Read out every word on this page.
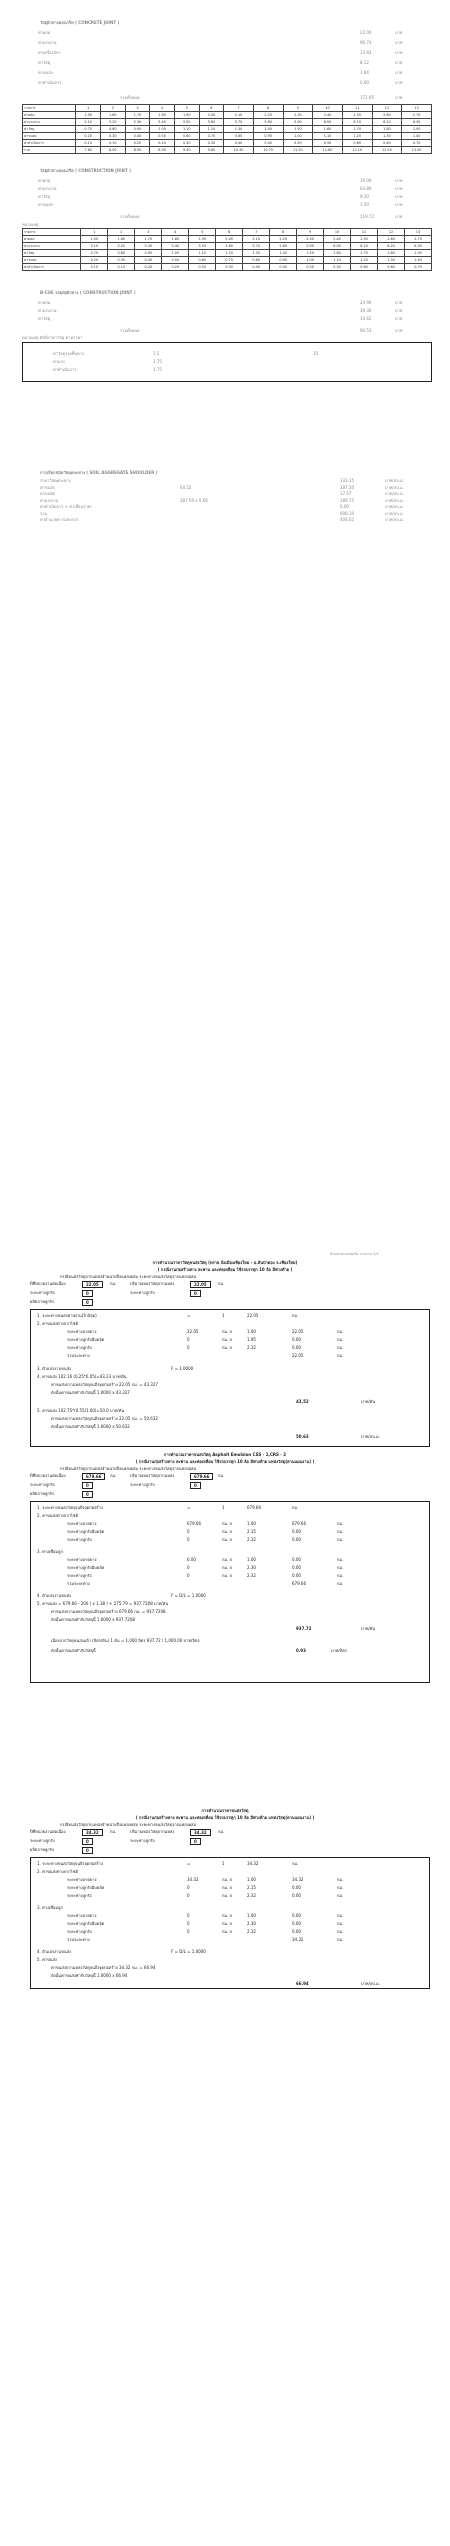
วัสดุผิวทางคอนกรีต ( CONCRETE JOINT )
ค่าผสม	22.00	บาท
ค่าแรงงาน	96.74	บาท
ค่าเครื่องจักร	13.83	บาท
ค่าวัสดุ	8.12	บาท
ค่าขนส่ง	1.84	บาท
ค่าดำเนินการ	0.00	บาท
รวมทั้งหมด	172.95	บาท
รายการ	1	2	3	4	5	6	7	8	9	10	11	12	13
ค่าผสม	1.50	1.60	1.70	1.80	1.90	2.00	2.10	2.20	2.30	2.40	2.50	2.60	2.70
ค่าแรงงาน	5.10	5.20	5.30	5.40	5.50	5.60	5.70	5.80	5.90	6.00	6.10	6.20	6.30
ค่าวัสดุ	0.70	0.80	0.90	1.00	1.10	1.20	1.30	1.40	1.50	1.60	1.70	1.80	1.90
ค่าขนส่ง	0.20	0.30	0.40	0.50	0.60	0.70	0.80	0.90	1.00	1.10	1.20	1.30	1.40
ค่าดำเนินการ	0.10	0.10	0.20	0.20	0.30	0.30	0.40	0.40	0.50	0.50	0.60	0.60	0.70
รวม	7.60	8.00	8.50	8.90	9.40	9.80	10.30	10.70	11.20	11.60	12.10	12.50	13.00
วัสดุผิวทางคอนกรีต ( CONSTRUCTION JOINT )
ค่าผสม	19.00	บาท
ค่าแรงงาน	64.80	บาท
ค่าวัสดุ	9.20	บาท
ค่าขนส่ง	1.50	บาท
รวมทั้งหมด	119.72	บาท
หมายเหตุ
รายการ	1	2	3	4	5	6	7	8	9	10	11	12	13
ค่าผสม	1.50	1.60	1.70	1.80	1.90	2.00	2.10	2.20	2.30	2.40	2.50	2.60	2.70
ค่าแรงงาน	5.10	5.20	5.30	5.40	5.50	5.60	5.70	5.80	5.90	6.00	6.10	6.20	6.30
ค่าวัสดุ	0.70	0.80	0.90	1.00	1.10	1.20	1.30	1.40	1.50	1.60	1.70	1.80	1.90
ค่าขนส่ง	0.20	0.30	0.40	0.50	0.60	0.70	0.80	0.90	1.00	1.10	1.20	1.30	1.40
ค่าดำเนินการ	0.10	0.10	0.20	0.20	0.30	0.30	0.40	0.40	0.50	0.50	0.60	0.60	0.70
B-COE รอยต่อผิวทาง ( CONSTRUCTION JOINT )
ค่าผสม	24.90	บาท
ค่าแรงงาน	39.30	บาท
ค่าวัสดุ	10.62	บาท
รวมทั้งหมด	90.53	บาท
หมายเหตุ ดัชนีราคาวัสดุ ตามราคา
ค่าวัสดุรองพื้นทาง	1.5	35
ค่าแรง	1.75
ค่าดำเนินการ	1.75
การเลือกชนิดวัสดุคละทาง ( SOIL AGGREGATE SHOULDER )
ราคาวัสดุคละทาง	133.15	บาท/ลบ.ม.
ค่าขนส่ง	64.52	287.50	บาท/ลบ.ม.
ค่าบดอัด	17.57	บาท/ลบ.ม.
ค่าแรงงาน	287.50 x 0.66	189.75	บาท/ลบ.ม.
ค่าดำเนินการ + ค่าเสื่อมราคา	0.00	บาท/ลบ.ม.
รวม	608.10	บาท/ลบ.ม.
ค่าอำนวยความสะดวก	408.02	บาท/ลบ.ม.
ตัวอย่างแบบฟอร์ม รวมงาน 2/2
การคำนวณราคาวัสดุขนส่งวัสดุ (ทราย นั่งเมืองเชียงใหม่ - อ.สันป่าตอง จ.เชียงใหม่)
( กรณีงานก่อสร้างทาง สะพาน และท่อเหลี่ยม ใช้รถบรรทุก 10 ล้อ มีพ่วงท้าย )
กรณีขนส่งวัสดุจากแหล่งจำหน่ายถึงแหล่งผสม ระยะทางขนส่งวัสดุจากแหล่งผสม
ปีที่หน่วยงานต่อเนื่อง	22.05	กม.	ปริมาณของวัสดุจากแหล่ง	22.05	กม.
ระยะทางลูกรัง	0	ระยะทางลูกรัง	0
ผลิตภาพลูกรัง	0
1. ระยะทางขนส่งทางผ่าน(ใกล้สุด)	=	1	22.05	กม.
2. ค่าขนส่งทางจากไซต์
ระยะทางลาดยาง	22.05	กม. x	1.00	22.05	กม.
ระยะทางลูกรังมีบดอัด	0	กม. x	1.95	0.00	กม.
ระยะทางลูกรัง	0	กม. x	2.32	0.00	กม.
รวมระยะทาง	22.05	กม.
3. ตัวแปรงานขนส่ง	F = 1.0000
4. ค่าขนส่ง 102.16 (0.25*0.05)=43.23 บาท/ตัน
ค่าขนส่งจากแหล่งวัสดุจนถึงจุดก่อสร้าง 22.05 กม. = 43.327
ดังนั้นค่าขนส่งทำกับวัสดุนี้ 1.0000 x 43.327
43.52	บาท/ตัน
5. ค่าขนส่ง 102.75*(0.55/1.00)=50.0 บาท/ตัน
ค่าขนส่งจากแหล่งวัสดุจนถึงจุดก่อสร้าง 22.05 กม. = 50.632
ดังนั้นค่าขนส่งทำกับวัสดุนี้ 1.0000 x 50.632
50.63	บาท/ลบ.ม.
การคำนวณราคาขนส่งวัสดุ Asphalt Emulsion CSS - 1,CRS - 2
( กรณีงานก่อสร้างทาง สะพาน และท่อเหลี่ยม ใช้รถบรรทุก 10 ล้อ มีพ่วงท้าย แหล่งวัสดุ(ตามแผนงาน) )
กรณีขนส่งวัสดุจากแหล่งจำหน่ายถึงแหล่งผสม ระยะทางขนส่งวัสดุจากแหล่งผสม
ปีที่หน่วยงานต่อเนื่อง	679.66	กม.	ปริมาณของวัสดุจากแหล่ง	679.66	กม.
ระยะทางลูกรัง	0	ระยะทางลูกรัง	0
ผลิตภาพลูกรัง	0
1. ระยะทางขนส่งวัสดุจนถึงจุดก่อสร้าง	=	1	679.66	กม.
2. ค่าขนส่งทางจากไซต์
ระยะทางลาดยาง	679.66	กม. x	1.00	679.66	กม.
ระยะทางลูกรังมีบดอัด	0	กม. x	2.15	0.00	กม.
ระยะทางลูกรัง	0	กม. x	2.32	0.00	กม.
3. ทางเชื่อมลูก
ระยะทางลาดยาง	0.00	กม. x	1.00	0.00	กม.
ระยะทางลูกรังมีบดอัด	0	กม. x	2.30	0.00	กม.
ระยะทางลูกรัง	0	กม. x	2.32	0.00	กม.
รวมระยะทาง	679.66	กม.
4. ตัวแปรงานขนส่ง	F = D/L = 1.0000
5. ค่าขนส่ง = 679.66 - 200 ) x 1.38 ) + 275.79 = 937.7208 บาท/ตัน
ค่าขนส่งจากแหล่งวัสดุจนถึงจุดก่อสร้าง 679.66 กม. = 937.7208
ดังนั้นค่าขนส่งทำกับวัสดุนี้ 1.0000 x 937.7208
937.72	บาท/ตัน
เนื่องจากวัสดุขนส่งแล้ว (ลิตร/ตัน) 1 ตัน = 1,000 ลิตร 937.72 / 1,000.00 บาท/ลิตร
ดังนั้นค่าขนส่งทำกับวัสดุนี้	0.93	บาท/ลิตร
การคำนวณราคาขนส่งวัสดุ
( กรณีงานก่อสร้างทาง สะพาน และท่อเหลี่ยม ใช้รถบรรทุก 10 ล้อ มีพ่วงท้าย แหล่งวัสดุ(ตามแผนงาน) )
กรณีขนส่งวัสดุจากแหล่งจำหน่ายถึงแหล่งผสม ระยะทางขนส่งวัสดุจากแหล่งผสม
ปีที่หน่วยงานต่อเนื่อง	34.32	กม.	ปริมาณของวัสดุจากแหล่ง	34.32	กม.
ระยะทางลูกรัง	0	ระยะทางลูกรัง	0
ผลิตภาพลูกรัง	0
1. ระยะทางขนส่งวัสดุจนถึงจุดก่อสร้าง	=	1	34.32	กม.
2. ค่าขนส่งทางจากไซต์
ระยะทางลาดยาง	34.32	กม. x	1.00	34.32	กม.
ระยะทางลูกรังมีบดอัด	0	กม. x	2.15	0.00	กม.
ระยะทางลูกรัง	0	กม. x	2.32	0.00	กม.
3. ทางเชื่อมลูก
ระยะทางลาดยาง	0	กม. x	1.00	0.00	กม.
ระยะทางลูกรังมีบดอัด	0	กม. x	2.30	0.00	กม.
ระยะทางลูกรัง	0	กม. x	2.32	0.00	กม.
รวมระยะทาง	34.32	กม.
4. ตัวแปรงานขนส่ง	F = D/L = 1.0000
5. ค่าขนส่ง
ค่าขนส่งจากแหล่งวัสดุจนถึงจุดก่อสร้าง 34.32 กม. = 66.94
ดังนั้นค่าขนส่งทำกับวัสดุนี้ 1.0000 x 66.94
66.94	บาท/ลบ.ม.
